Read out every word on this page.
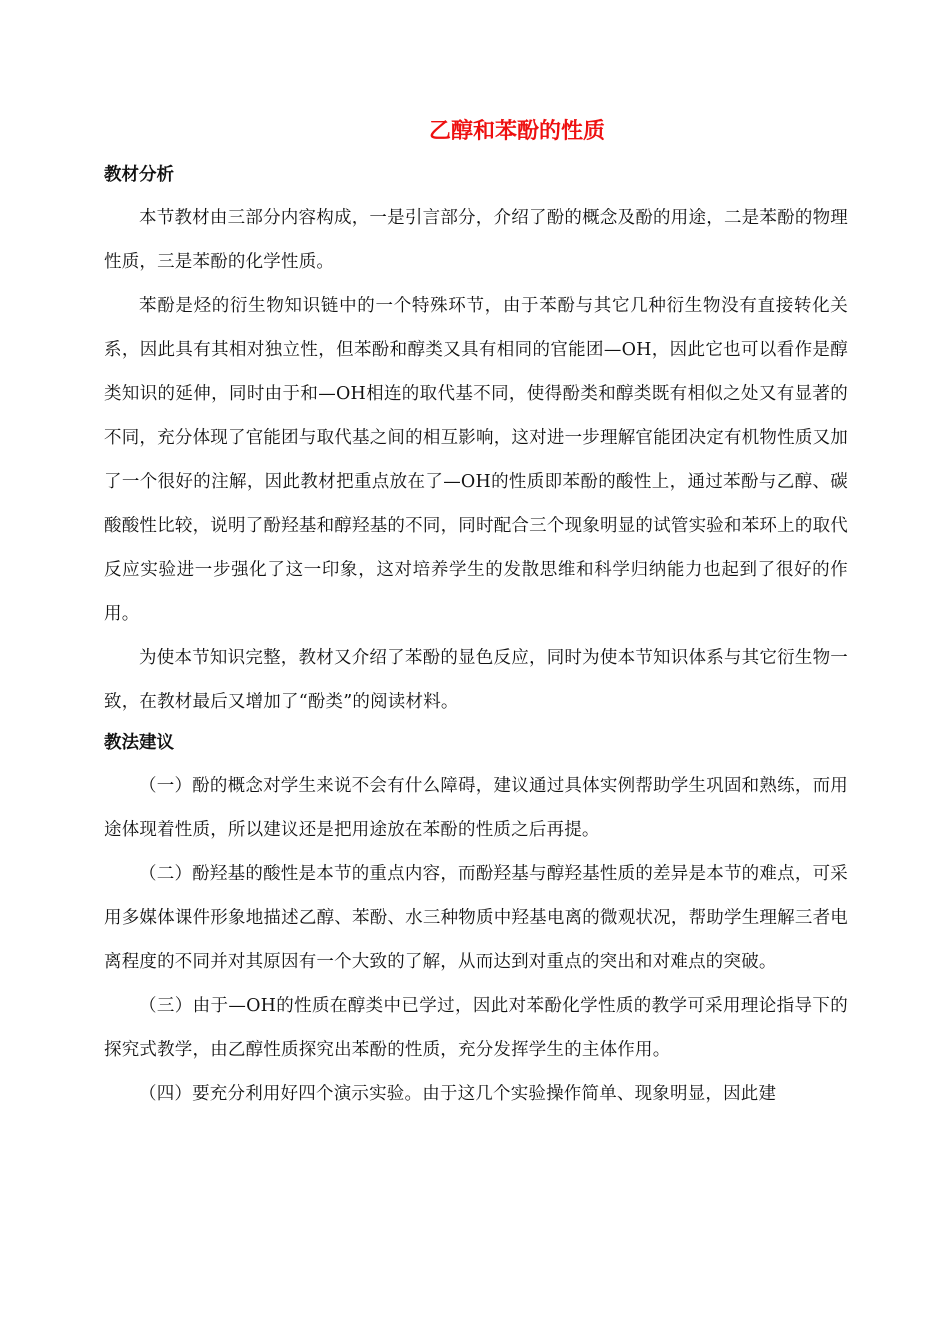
乙醇和苯酚的性质
教材分析

本节教材由三部分内容构成，一是引言部分，介绍了酚的概念及酚的用途，二是苯酚的物理性质，三是苯酚的化学性质。

苯酚是烃的衍生物知识链中的一个特殊环节，由于苯酚与其它几种衍生物没有直接转化关系，因此具有其相对独立性，但苯酚和醇类又具有相同的官能团—OH，因此它也可以看作是醇类知识的延伸，同时由于和—OH相连的取代基不同，使得酚类和醇类既有相似之处又有显著的不同，充分体现了官能团与取代基之间的相互影响，这对进一步理解官能团决定有机物性质又加了一个很好的注解，因此教材把重点放在了—OH的性质即苯酚的酸性上，通过苯酚与乙醇、碳酸酸性比较，说明了酚羟基和醇羟基的不同，同时配合三个现象明显的试管实验和苯环上的取代反应实验进一步强化了这一印象，这对培养学生的发散思维和科学归纳能力也起到了很好的作用。

为使本节知识完整，教材又介绍了苯酚的显色反应，同时为使本节知识体系与其它衍生物一致，在教材最后又增加了“酚类”的阅读材料。

教法建议

（一）酚的概念对学生来说不会有什么障碍，建议通过具体实例帮助学生巩固和熟练，而用途体现着性质，所以建议还是把用途放在苯酚的性质之后再提。

（二）酚羟基的酸性是本节的重点内容，而酚羟基与醇羟基性质的差异是本节的难点，可采用多媒体课件形象地描述乙醇、苯酚、水三种物质中羟基电离的微观状况，帮助学生理解三者电离程度的不同并对其原因有一个大致的了解，从而达到对重点的突出和对难点的突破。

（三）由于—OH的性质在醇类中已学过，因此对苯酚化学性质的教学可采用理论指导下的探究式教学，由乙醇性质探究出苯酚的性质，充分发挥学生的主体作用。

（四）要充分利用好四个演示实验。由于这几个实验操作简单、现象明显，因此建
